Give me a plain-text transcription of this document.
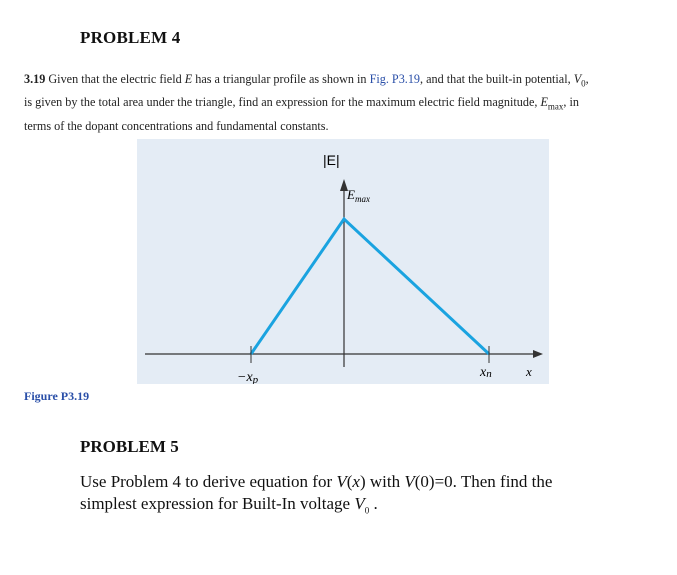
PROBLEM 4
3.19 Given that the electric field E has a triangular profile as shown in Fig. P3.19, and that the built-in potential, $V_0$,
is given by the total area under the triangle, find an expression for the maximum electric field magnitude, $E_{max}$, in
terms of the dopant concentrations and fundamental constants.
|E|
$E_{max}$
−xp	xn	x
Figure P3.19
PROBLEM 5
Use Problem 4 to derive equation for V(x) with V(0)=0. Then find the
simplest expression for Built-In voltage $V_0$ .
